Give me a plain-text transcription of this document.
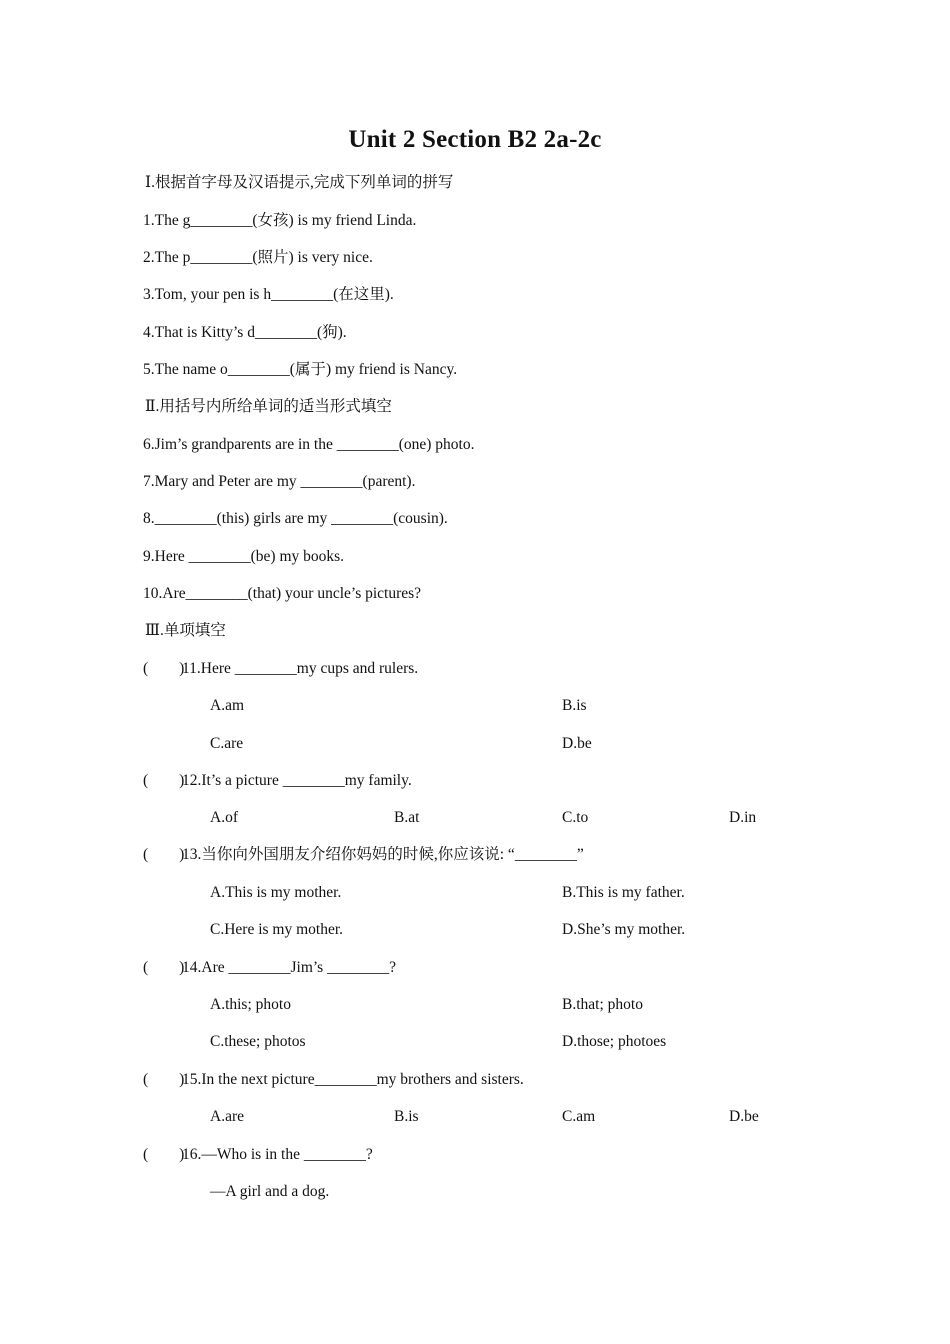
Unit 2 Section B2 2a-2c
Ⅰ.根据首字母及汉语提示,完成下列单词的拼写
1.The g________(女孩) is my friend Linda.
2.The p________(照片) is very nice.
3.Tom, your pen is h________(在这里).
4.That is Kitty’s d________(狗).
5.The name o________(属于) my friend is Nancy.
Ⅱ.用括号内所给单词的适当形式填空
6.Jim’s grandparents are in the ________(one) photo.
7.Mary and Peter are my ________(parent).
8.________(this) girls are my ________(cousin).
9.Here ________(be) my books.
10.Are________(that) your uncle’s pictures?
Ⅲ.单项填空
(        )
11.Here ________my cups and rulers.
A.am	B.is
C.are	D.be
(        )
12.It’s a picture ________my family.
A.of	B.at	C.to	D.in
(        )
13.当你向外国朋友介绍你妈妈的时候,你应该说: “________”
A.This is my mother.	B.This is my father.
C.Here is my mother.	D.She’s my mother.
(        )
14.Are ________Jim’s ________?
A.this; photo	B.that; photo
C.these; photos	D.those; photoes
(        )
15.In the next picture________my brothers and sisters.
A.are	B.is	C.am	D.be
(        )
16.—Who is in the ________?
—A girl and a dog.
